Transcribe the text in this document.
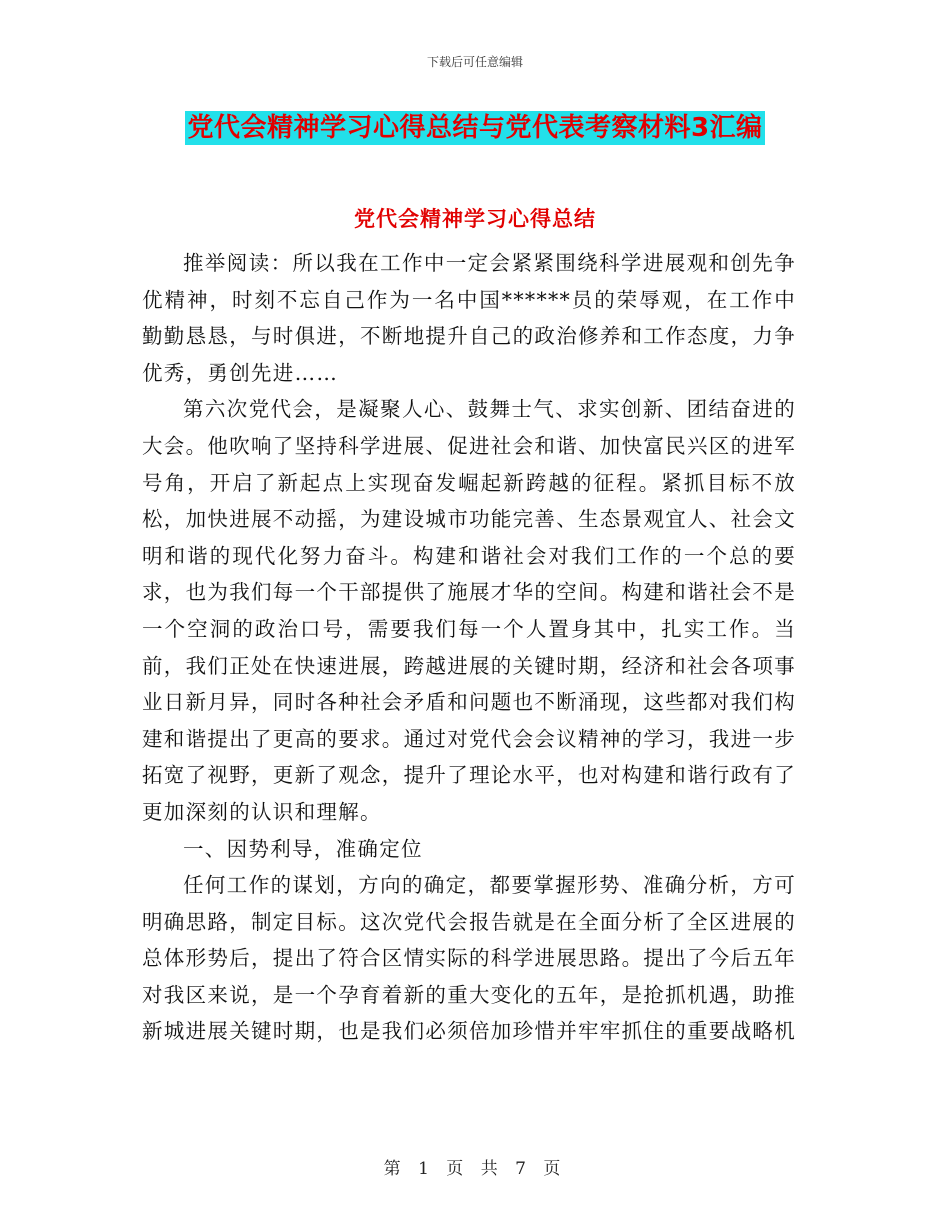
下载后可任意编辑
党代会精神学习心得总结与党代表考察材料3汇编
党代会精神学习心得总结

推举阅读：所以我在工作中一定会紧紧围绕科学进展观和创先争优精神，时刻不忘自己作为一名中国******员的荣辱观，在工作中勤勤恳恳，与时俱进，不断地提升自己的政治修养和工作态度，力争优秀，勇创先进……

第六次党代会，是凝聚人心、鼓舞士气、求实创新、团结奋进的大会。他吹响了坚持科学进展、促进社会和谐、加快富民兴区的进军号角，开启了新起点上实现奋发崛起新跨越的征程。紧抓目标不放松，加快进展不动摇，为建设城市功能完善、生态景观宜人、社会文明和谐的现代化努力奋斗。构建和谐社会对我们工作的一个总的要求，也为我们每一个干部提供了施展才华的空间。构建和谐社会不是一个空洞的政治口号，需要我们每一个人置身其中，扎实工作。当前，我们正处在快速进展，跨越进展的关键时期，经济和社会各项事业日新月异，同时各种社会矛盾和问题也不断涌现，这些都对我们构建和谐提出了更高的要求。通过对党代会会议精神的学习，我进一步拓宽了视野，更新了观念，提升了理论水平，也对构建和谐行政有了更加深刻的认识和理解。

一、因势利导，准确定位

任何工作的谋划，方向的确定，都要掌握形势、准确分析，方可明确思路，制定目标。这次党代会报告就是在全面分析了全区进展的总体形势后，提出了符合区情实际的科学进展思路。提出了今后五年对我区来说，是一个孕育着新的重大变化的五年，是抢抓机遇，助推新城进展关键时期，也是我们必须倍加珍惜并牢牢抓住的重要战略机

第 1 页 共 7 页
